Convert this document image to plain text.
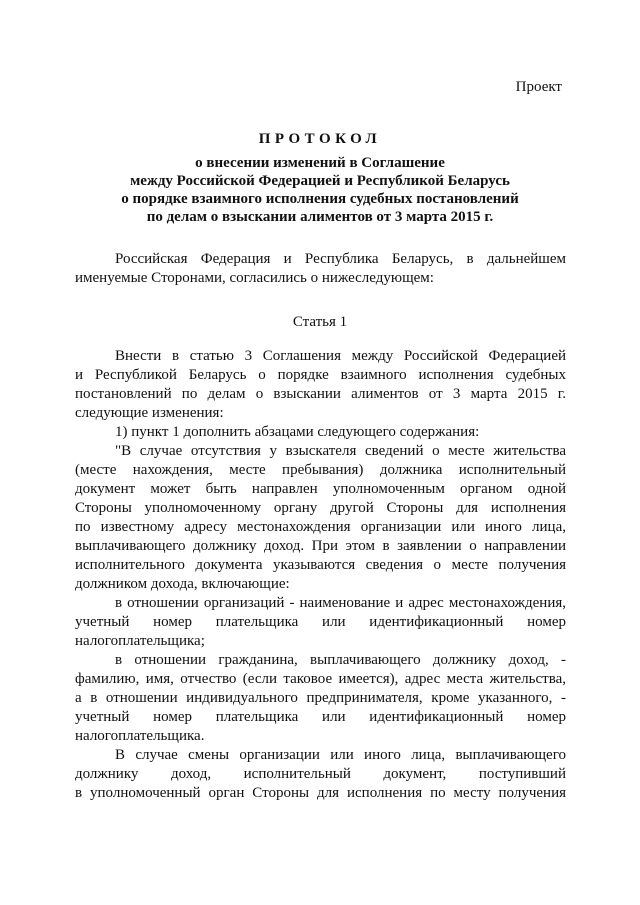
Проект
ПРОТОКОЛ
о внесении изменений в Соглашение
между Российской Федерацией и Республикой Беларусь
о порядке взаимного исполнения судебных постановлений
по делам о взыскании алиментов от 3 марта 2015 г.
Российская Федерация и Республика Беларусь, в дальнейшем
именуемые Сторонами, согласились о нижеследующем:
Статья 1
Внести в статью 3 Соглашения между Российской Федерацией
и Республикой Беларусь о порядке взаимного исполнения судебных
постановлений по делам о взыскании алиментов от 3 марта 2015 г.
следующие изменения:
1) пункт 1 дополнить абзацами следующего содержания:
"В случае отсутствия у взыскателя сведений о месте жительства
(месте нахождения, месте пребывания) должника исполнительный
документ может быть направлен уполномоченным органом одной
Стороны уполномоченному органу другой Стороны для исполнения
по известному адресу местонахождения организации или иного лица,
выплачивающего должнику доход. При этом в заявлении о направлении
исполнительного документа указываются сведения о месте получения
должником дохода, включающие:
в отношении организаций - наименование и адрес местонахождения,
учетный номер плательщика или идентификационный номер
налогоплательщика;
в отношении гражданина, выплачивающего должнику доход, -
фамилию, имя, отчество (если таковое имеется), адрес места жительства,
а в отношении индивидуального предпринимателя, кроме указанного, -
учетный номер плательщика или идентификационный номер
налогоплательщика.
В случае смены организации или иного лица, выплачивающего
должнику доход, исполнительный документ, поступивший
в уполномоченный орган Стороны для исполнения по месту получения
